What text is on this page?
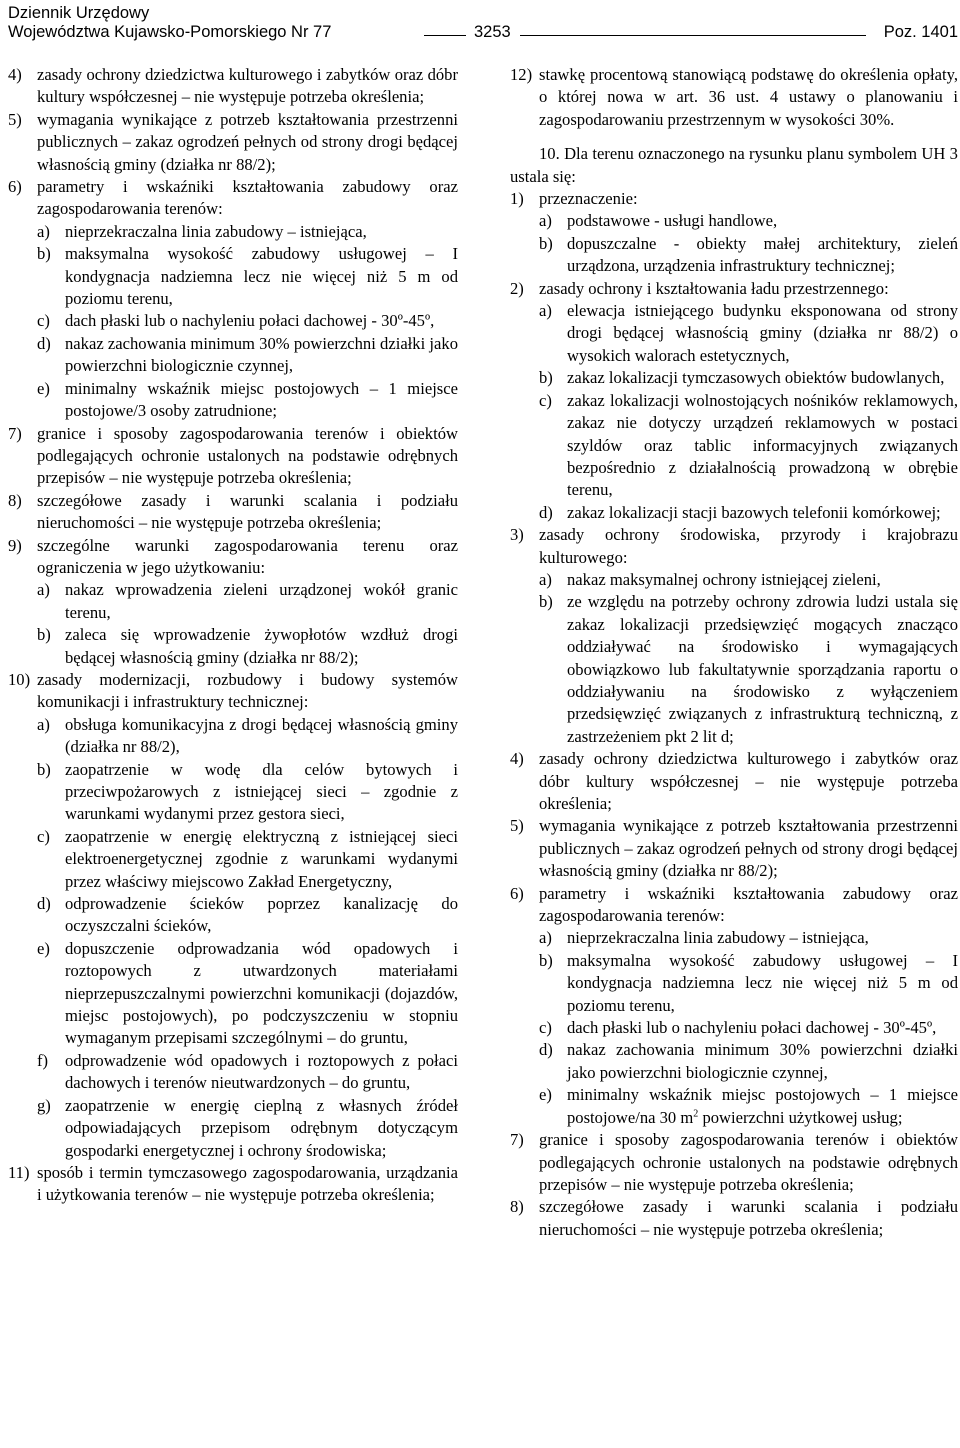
Dziennik Urzędowy
Województwa Kujawsko-Pomorskiego Nr 77	3253	Poz. 1401

4) zasady ochrony dziedzictwa kulturowego i zabytków oraz dóbr kultury współczesnej – nie występuje potrzeba określenia;

5) wymagania wynikające z potrzeb kształtowania przestrzenni publicznych – zakaz ogrodzeń pełnych od strony drogi będącej własnością gminy (działka nr 88/2);

6) parametry i wskaźniki kształtowania zabudowy oraz zagospodarowania terenów:

a) nieprzekraczalna linia zabudowy – istniejąca,

b) maksymalna wysokość zabudowy usługowej – I kondygnacja nadziemna lecz nie więcej niż 5 m od poziomu terenu,

c) dach płaski lub o nachyleniu połaci dachowej - 30º-45º,

d) nakaz zachowania minimum 30% powierzchni działki jako powierzchni biologicznie czynnej,

e) minimalny wskaźnik miejsc postojowych – 1 miejsce postojowe/3 osoby zatrudnione;

7) granice i sposoby zagospodarowania terenów i obiektów podlegających ochronie ustalonych na podstawie odrębnych przepisów – nie występuje potrzeba określenia;

8) szczegółowe zasady i warunki scalania i podziału nieruchomości – nie występuje potrzeba określenia;

9) szczególne warunki zagospodarowania terenu oraz ograniczenia w jego użytkowaniu:

a) nakaz wprowadzenia zieleni urządzonej wokół granic terenu,

b) zaleca się wprowadzenie żywopłotów wzdłuż drogi będącej własnością gminy (działka nr 88/2);

10) zasady modernizacji, rozbudowy i budowy systemów komunikacji i infrastruktury technicznej:

a) obsługa komunikacyjna z drogi będącej własnością gminy (działka nr 88/2),

b) zaopatrzenie w wodę dla celów bytowych i przeciwpożarowych z istniejącej sieci – zgodnie z warunkami wydanymi przez gestora sieci,

c) zaopatrzenie w energię elektryczną z istniejącej sieci elektroenergetycznej zgodnie z warunkami wydanymi przez właściwy miejscowo Zakład Energetyczny,

d) odprowadzenie ścieków poprzez kanalizację do oczyszczalni ścieków,

e) dopuszczenie odprowadzania wód opadowych i roztopowych z utwardzonych materiałami nieprzepuszczalnymi powierzchni komunikacji (dojazdów, miejsc postojowych), po podczyszczeniu w stopniu wymaganym przepisami szczególnymi – do gruntu,

f) odprowadzenie wód opadowych i roztopowych z połaci dachowych i terenów nieutwardzonych – do gruntu,

g) zaopatrzenie w energię cieplną z własnych źródeł odpowiadających przepisom odrębnym dotyczącym gospodarki energetycznej i ochrony środowiska;

11) sposób i termin tymczasowego zagospodarowania, urządzania i użytkowania terenów – nie występuje potrzeba określenia;

12) stawkę procentową stanowiącą podstawę do określenia opłaty, o której nowa w art. 36 ust. 4 ustawy o planowaniu i zagospodarowaniu przestrzennym w wysokości 30%.

10. Dla terenu oznaczonego na rysunku planu symbolem UH 3 ustala się:

1) przeznaczenie:

a) podstawowe - usługi handlowe,

b) dopuszczalne - obiekty małej architektury, zieleń urządzona, urządzenia infrastruktury technicznej;

2) zasady ochrony i kształtowania ładu przestrzennego:

a) elewacja istniejącego budynku eksponowana od strony drogi będącej własnością gminy (działka nr 88/2) o wysokich walorach estetycznych,

b) zakaz lokalizacji tymczasowych obiektów budowlanych,

c) zakaz lokalizacji wolnostojących nośników reklamowych, zakaz nie dotyczy urządzeń reklamowych w postaci szyldów oraz tablic informacyjnych związanych bezpośrednio z działalnością prowadzoną w obrębie terenu,

d) zakaz lokalizacji stacji bazowych telefonii komórkowej;

3) zasady ochrony środowiska, przyrody i krajobrazu kulturowego:

a) nakaz maksymalnej ochrony istniejącej zieleni,

b) ze względu na potrzeby ochrony zdrowia ludzi ustala się zakaz lokalizacji przedsięwzięć mogących znacząco oddziaływać na środowisko i wymagających obowiązkowo lub fakultatywnie sporządzania raportu o oddziaływaniu na środowisko z wyłączeniem przedsięwzięć związanych z infrastrukturą techniczną, z zastrzeżeniem pkt 2 lit d;

4) zasady ochrony dziedzictwa kulturowego i zabytków oraz dóbr kultury współczesnej – nie występuje potrzeba określenia;

5) wymagania wynikające z potrzeb kształtowania przestrzenni publicznych – zakaz ogrodzeń pełnych od strony drogi będącej własnością gminy (działka nr 88/2);

6) parametry i wskaźniki kształtowania zabudowy oraz zagospodarowania terenów:

a) nieprzekraczalna linia zabudowy – istniejąca,

b) maksymalna wysokość zabudowy usługowej – I kondygnacja nadziemna lecz nie więcej niż 5 m od poziomu terenu,

c) dach płaski lub o nachyleniu połaci dachowej - 30º-45º,

d) nakaz zachowania minimum 30% powierzchni działki jako powierzchni biologicznie czynnej,

e) minimalny wskaźnik miejsc postojowych – 1 miejsce postojowe/na 30 $m^2$ powierzchni użytkowej usług;

7) granice i sposoby zagospodarowania terenów i obiektów podlegających ochronie ustalonych na podstawie odrębnych przepisów – nie występuje potrzeba określenia;

8) szczegółowe zasady i warunki scalania i podziału nieruchomości – nie występuje potrzeba określenia;
